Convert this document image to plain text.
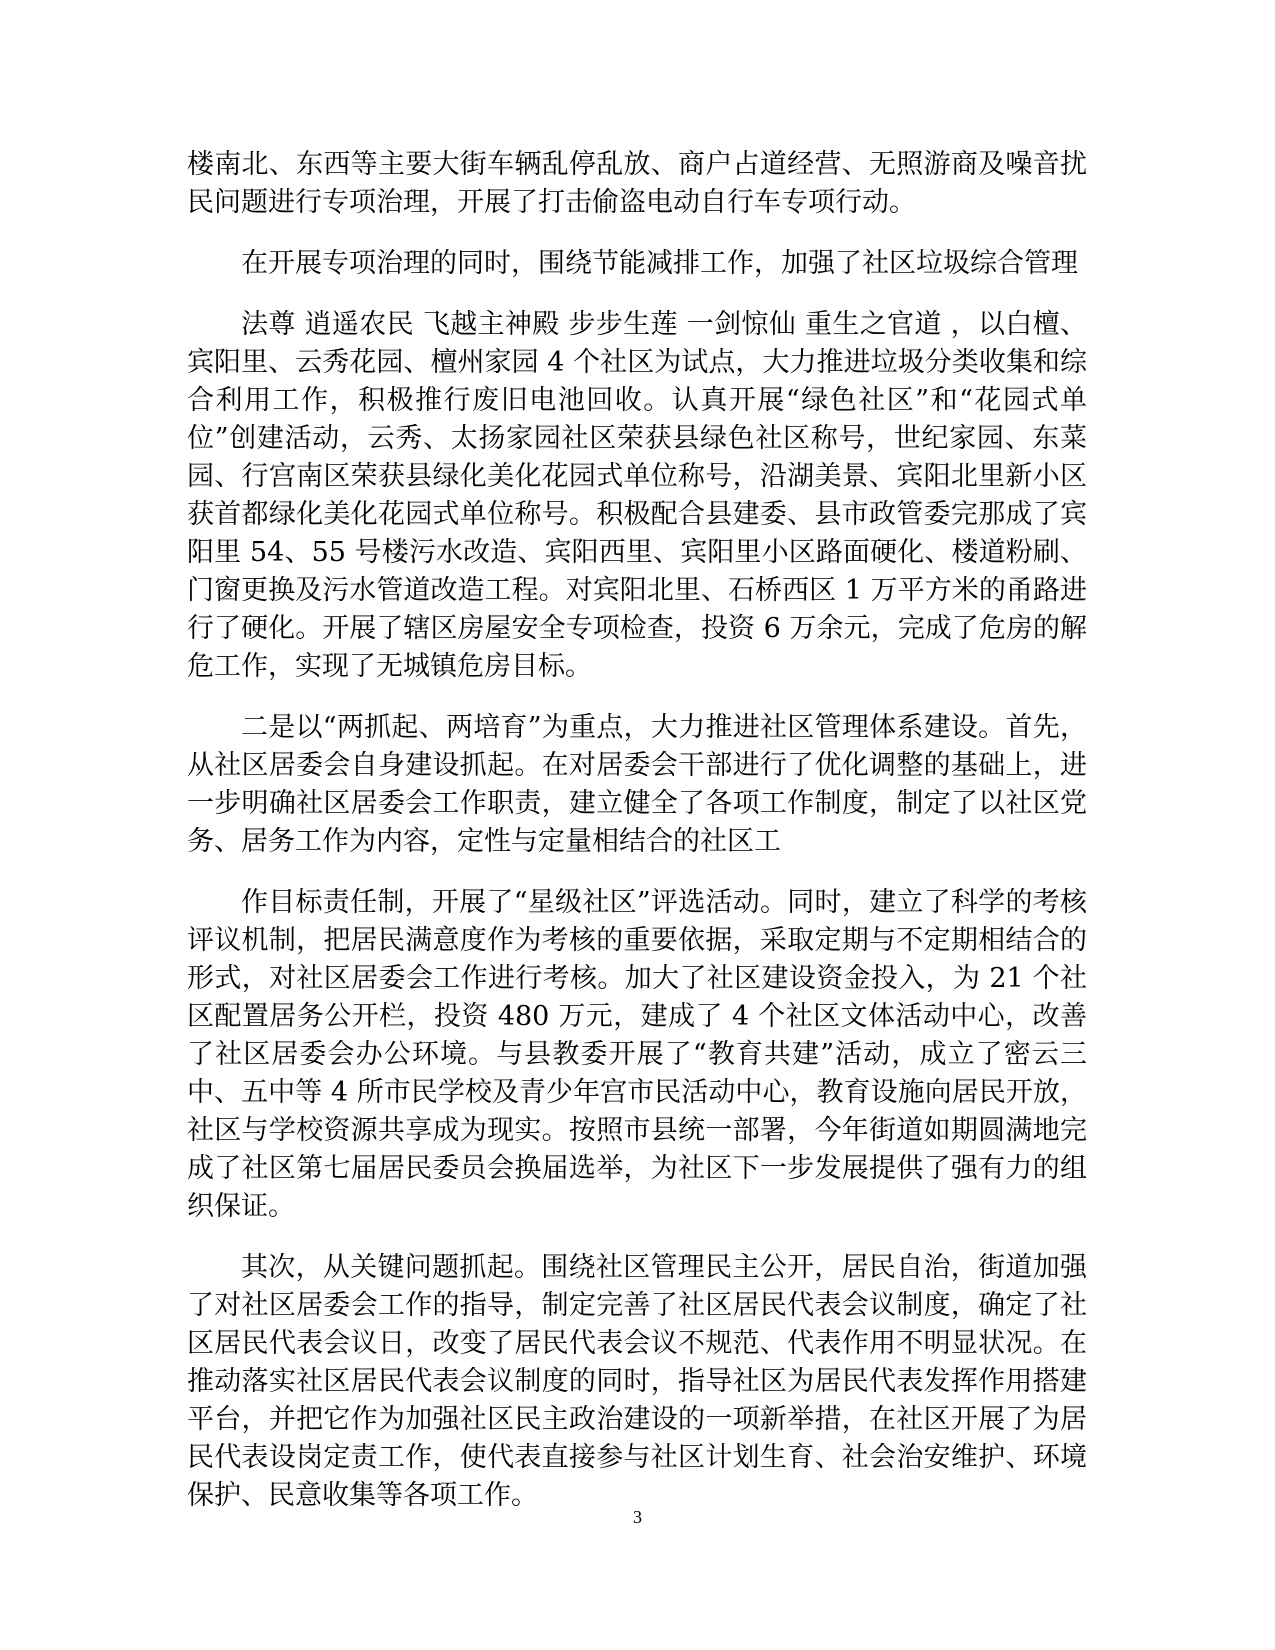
楼南北、东西等主要大街车辆乱停乱放、商户占道经营、无照游商及噪音扰民问题进行专项治理，开展了打击偷盗电动自行车专项行动。

在开展专项治理的同时，围绕节能减排工作，加强了社区垃圾综合管理

法尊 逍遥农民 飞越主神殿 步步生莲 一剑惊仙 重生之官道 ，以白檀、宾阳里、云秀花园、檀州家园 4 个社区为试点，大力推进垃圾分类收集和综合利用工作，积极推行废旧电池回收。认真开展“绿色社区”和“花园式单位”创建活动，云秀、太扬家园社区荣获县绿色社区称号，世纪家园、东菜园、行宫南区荣获县绿化美化花园式单位称号，沿湖美景、宾阳北里新小区获首都绿化美化花园式单位称号。积极配合县建委、县市政管委完那成了宾阳里 54、55 号楼污水改造、宾阳西里、宾阳里小区路面硬化、楼道粉刷、门窗更换及污水管道改造工程。对宾阳北里、石桥西区 1 万平方米的甬路进行了硬化。开展了辖区房屋安全专项检查，投资 6 万余元，完成了危房的解危工作，实现了无城镇危房目标。

二是以“两抓起、两培育”为重点，大力推进社区管理体系建设。首先，从社区居委会自身建设抓起。在对居委会干部进行了优化调整的基础上，进一步明确社区居委会工作职责，建立健全了各项工作制度，制定了以社区党务、居务工作为内容，定性与定量相结合的社区工

作目标责任制，开展了“星级社区”评选活动。同时，建立了科学的考核评议机制，把居民满意度作为考核的重要依据，采取定期与不定期相结合的形式，对社区居委会工作进行考核。加大了社区建设资金投入，为 21 个社区配置居务公开栏，投资 480 万元，建成了 4 个社区文体活动中心，改善了社区居委会办公环境。与县教委开展了“教育共建”活动，成立了密云三中、五中等 4 所市民学校及青少年宫市民活动中心，教育设施向居民开放，社区与学校资源共享成为现实。按照市县统一部署，今年街道如期圆满地完成了社区第七届居民委员会换届选举，为社区下一步发展提供了强有力的组织保证。

其次，从关键问题抓起。围绕社区管理民主公开，居民自治，街道加强了对社区居委会工作的指导，制定完善了社区居民代表会议制度，确定了社区居民代表会议日，改变了居民代表会议不规范、代表作用不明显状况。在推动落实社区居民代表会议制度的同时，指导社区为居民代表发挥作用搭建平台，并把它作为加强社区民主政治建设的一项新举措，在社区开展了为居民代表设岗定责工作，使代表直接参与社区计划生育、社会治安维护、环境保护、民意收集等各项工作。

3
